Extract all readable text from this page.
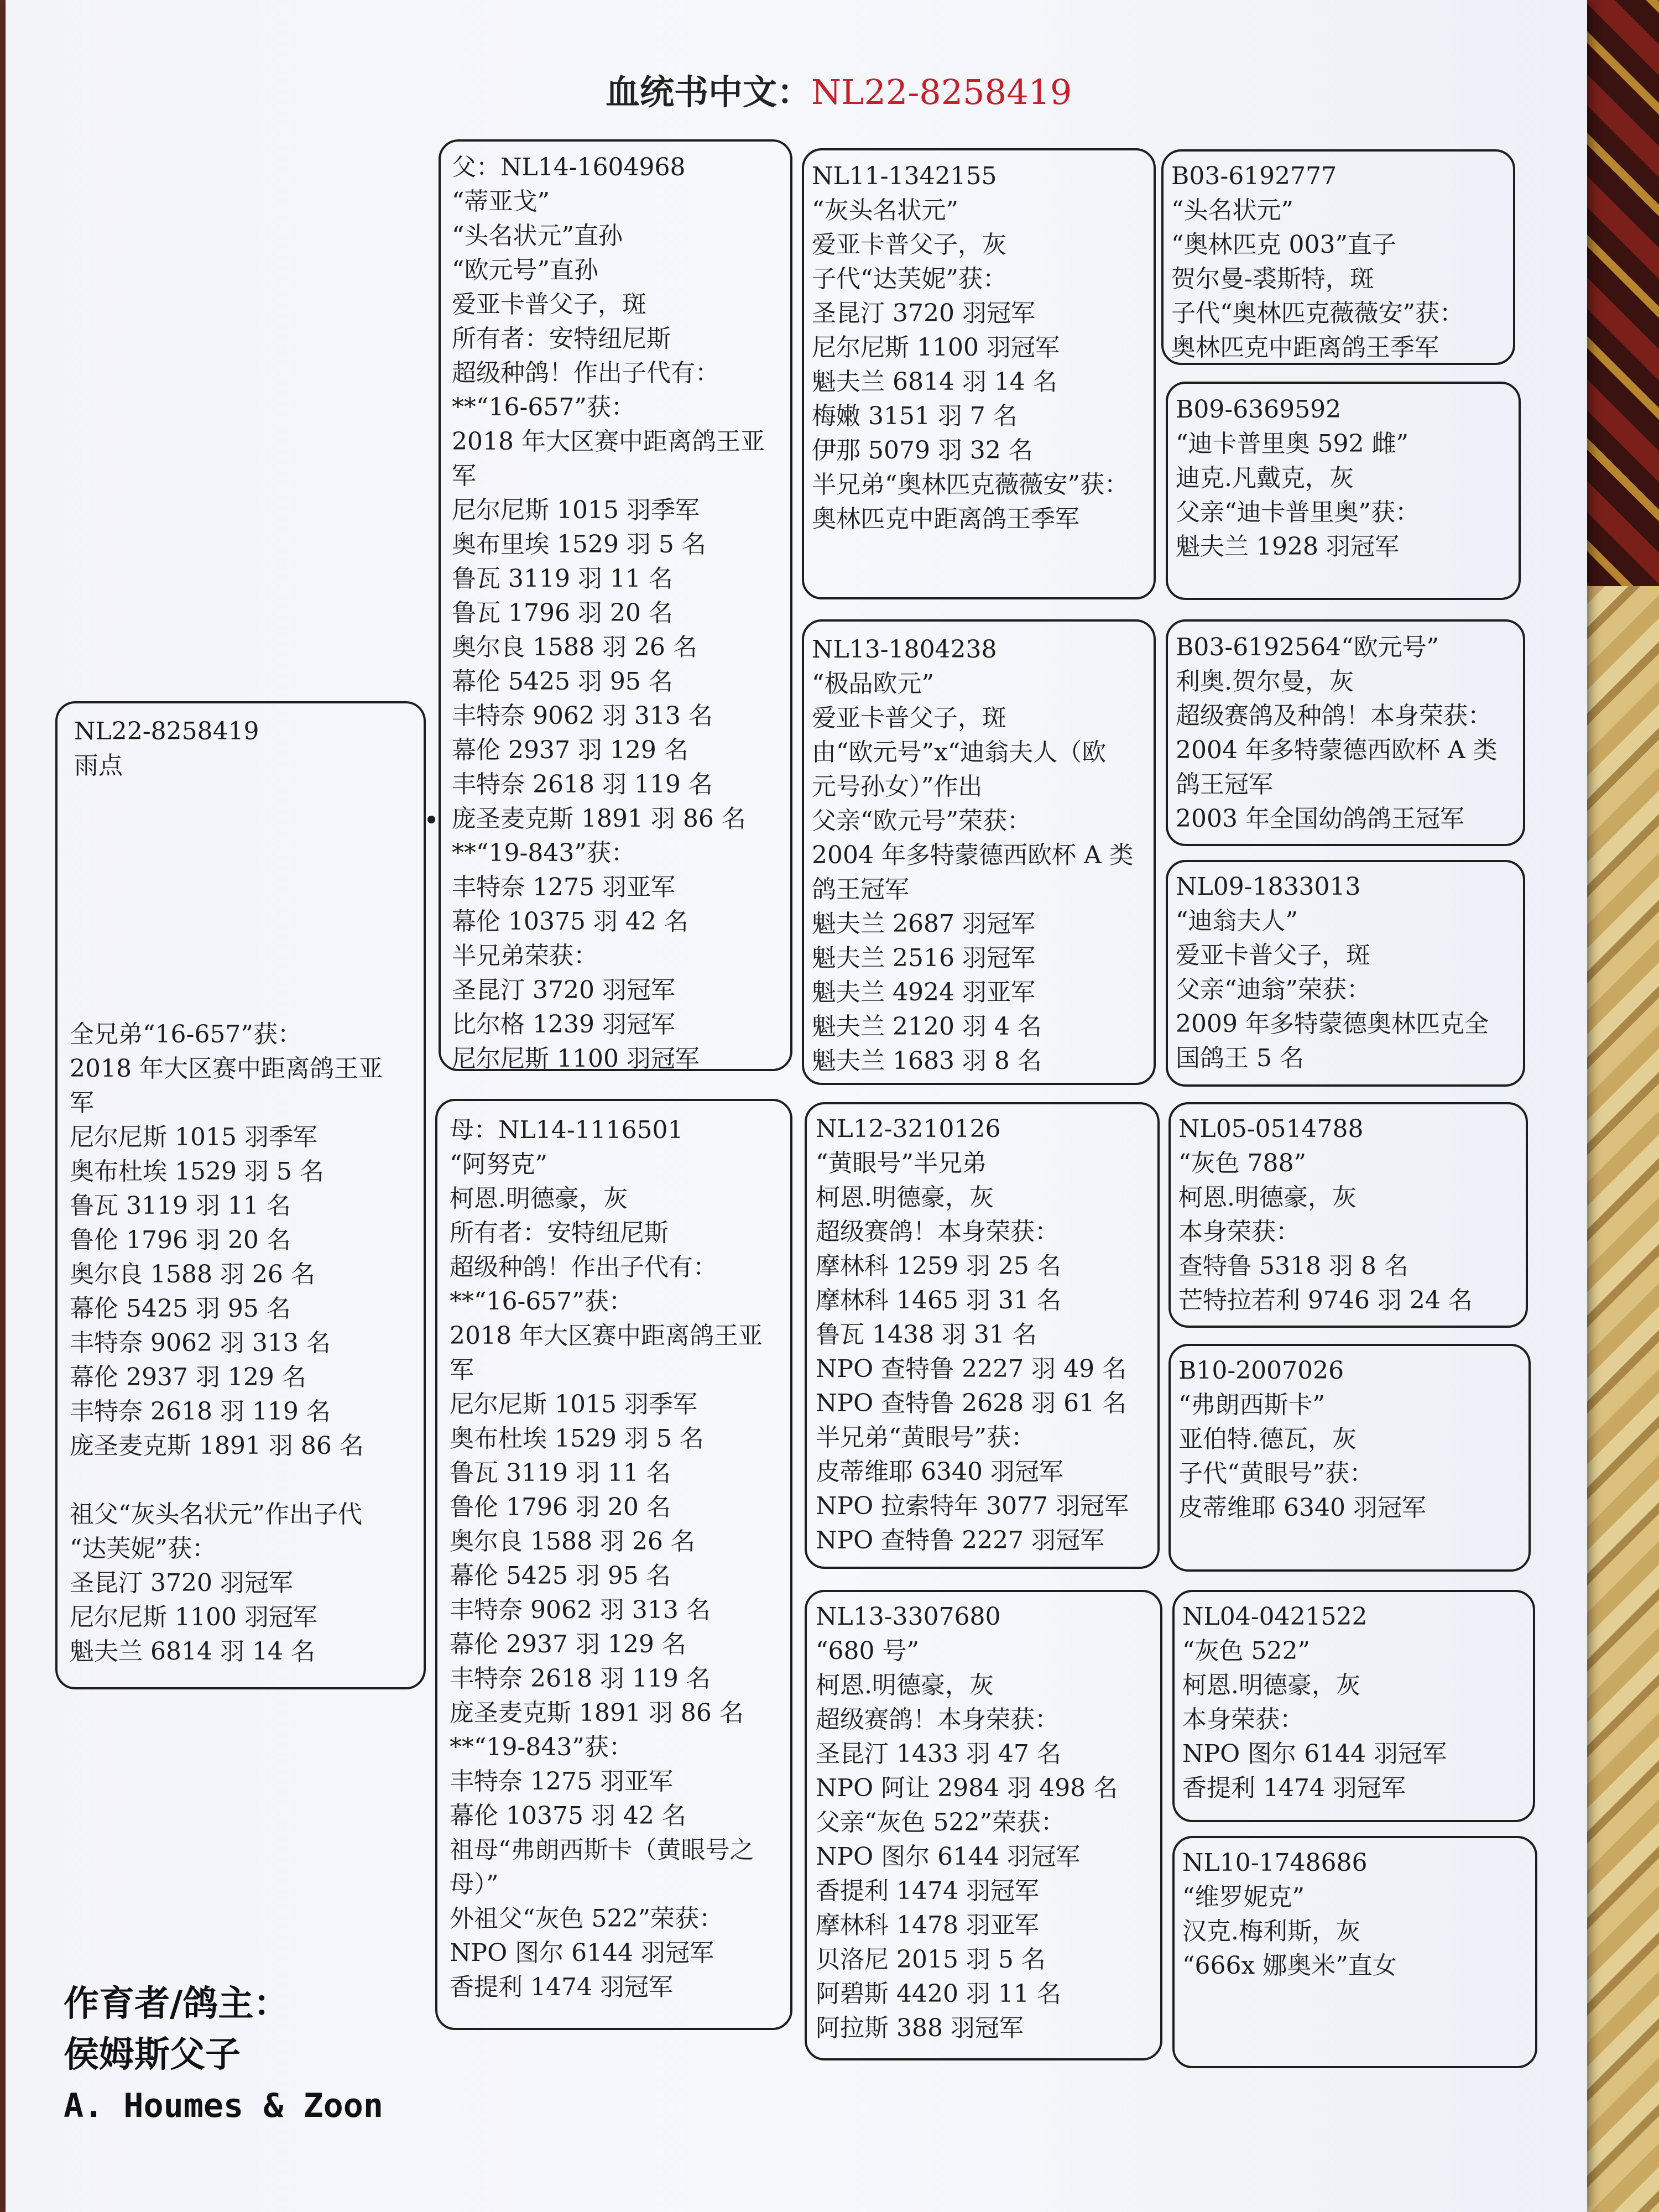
血统书中文：NL22-8258419
NL22-8258419
雨点
全兄弟“16-657”获：
2018 年大区赛中距离鸽王亚
军
尼尔尼斯 1015 羽季军
奥布杜埃 1529 羽 5 名
鲁瓦 3119 羽 11 名
鲁伦 1796 羽 20 名
奥尔良 1588 羽 26 名
幕伦 5425 羽 95 名
丰特奈 9062 羽 313 名
幕伦 2937 羽 129 名
丰特奈 2618 羽 119 名
庞圣麦克斯 1891 羽 86 名
祖父“灰头名状元”作出子代
“达芙妮”获：
圣昆汀 3720 羽冠军
尼尔尼斯 1100 羽冠军
魁夫兰 6814 羽 14 名
父：NL14-1604968
“蒂亚戈”
“头名状元”直孙
“欧元号”直孙
爱亚卡普父子，斑
所有者：安特纽尼斯
超级种鸽！作出子代有：
**“16-657”获：
2018 年大区赛中距离鸽王亚
军
尼尔尼斯 1015 羽季军
奥布里埃 1529 羽 5 名
鲁瓦 3119 羽 11 名
鲁瓦 1796 羽 20 名
奥尔良 1588 羽 26 名
幕伦 5425 羽 95 名
丰特奈 9062 羽 313 名
幕伦 2937 羽 129 名
丰特奈 2618 羽 119 名
庞圣麦克斯 1891 羽 86 名
**“19-843”获：
丰特奈 1275 羽亚军
幕伦 10375 羽 42 名
半兄弟荣获：
圣昆汀 3720 羽冠军
比尔格 1239 羽冠军
尼尔尼斯 1100 羽冠军
母：NL14-1116501
“阿努克”
柯恩.明德豪，灰
所有者：安特纽尼斯
超级种鸽！作出子代有：
**“16-657”获：
2018 年大区赛中距离鸽王亚
军
尼尔尼斯 1015 羽季军
奥布杜埃 1529 羽 5 名
鲁瓦 3119 羽 11 名
鲁伦 1796 羽 20 名
奥尔良 1588 羽 26 名
幕伦 5425 羽 95 名
丰特奈 9062 羽 313 名
幕伦 2937 羽 129 名
丰特奈 2618 羽 119 名
庞圣麦克斯 1891 羽 86 名
**“19-843”获：
丰特奈 1275 羽亚军
幕伦 10375 羽 42 名
祖母“弗朗西斯卡（黄眼号之
母）”
外祖父“灰色 522”荣获：
NPO 图尔 6144 羽冠军
香提利 1474 羽冠军
NL11-1342155
“灰头名状元”
爱亚卡普父子，灰
子代“达芙妮”获：
圣昆汀 3720 羽冠军
尼尔尼斯 1100 羽冠军
魁夫兰 6814 羽 14 名
梅嫩 3151 羽 7 名
伊那 5079 羽 32 名
半兄弟“奥林匹克薇薇安”获：
奥林匹克中距离鸽王季军
NL13-1804238
“极品欧元”
爱亚卡普父子，斑
由“欧元号”x“迪翁夫人（欧
元号孙女）”作出
父亲“欧元号”荣获：
2004 年多特蒙德西欧杯 A 类
鸽王冠军
魁夫兰 2687 羽冠军
魁夫兰 2516 羽冠军
魁夫兰 4924 羽亚军
魁夫兰 2120 羽 4 名
魁夫兰 1683 羽 8 名
NL12-3210126
“黄眼号”半兄弟
柯恩.明德豪，灰
超级赛鸽！本身荣获：
摩林科 1259 羽 25 名
摩林科 1465 羽 31 名
鲁瓦 1438 羽 31 名
NPO 查特鲁 2227 羽 49 名
NPO 查特鲁 2628 羽 61 名
半兄弟“黄眼号”获：
皮蒂维耶 6340 羽冠军
NPO 拉索特年 3077 羽冠军
NPO 查特鲁 2227 羽冠军
NL13-3307680
“680 号”
柯恩.明德豪，灰
超级赛鸽！本身荣获：
圣昆汀 1433 羽 47 名
NPO 阿让 2984 羽 498 名
父亲“灰色 522”荣获：
NPO 图尔 6144 羽冠军
香提利 1474 羽冠军
摩林科 1478 羽亚军
贝洛尼 2015 羽 5 名
阿碧斯 4420 羽 11 名
阿拉斯 388 羽冠军
B03-6192777
“头名状元”
“奥林匹克 003”直子
贺尔曼-裘斯特，斑
子代“奥林匹克薇薇安”获：
奥林匹克中距离鸽王季军
B09-6369592
“迪卡普里奥 592 雌”
迪克.凡戴克，灰
父亲“迪卡普里奥”获：
魁夫兰 1928 羽冠军
B03-6192564“欧元号”
利奥.贺尔曼，灰
超级赛鸽及种鸽！本身荣获：
2004 年多特蒙德西欧杯 A 类
鸽王冠军
2003 年全国幼鸽鸽王冠军
NL09-1833013
“迪翁夫人”
爱亚卡普父子，斑
父亲“迪翁”荣获：
2009 年多特蒙德奥林匹克全
国鸽王 5 名
NL05-0514788
“灰色 788”
柯恩.明德豪，灰
本身荣获：
查特鲁 5318 羽 8 名
芒特拉若利 9746 羽 24 名
B10-2007026
“弗朗西斯卡”
亚伯特.德瓦，灰
子代“黄眼号”获：
皮蒂维耶 6340 羽冠军
NL04-0421522
“灰色 522”
柯恩.明德豪，灰
本身荣获：
NPO 图尔 6144 羽冠军
香提利 1474 羽冠军
NL10-1748686
“维罗妮克”
汉克.梅利斯，灰
“666x 娜奥米”直女
作育者/鸽主：
侯姆斯父子
A. Houmes & Zoon
